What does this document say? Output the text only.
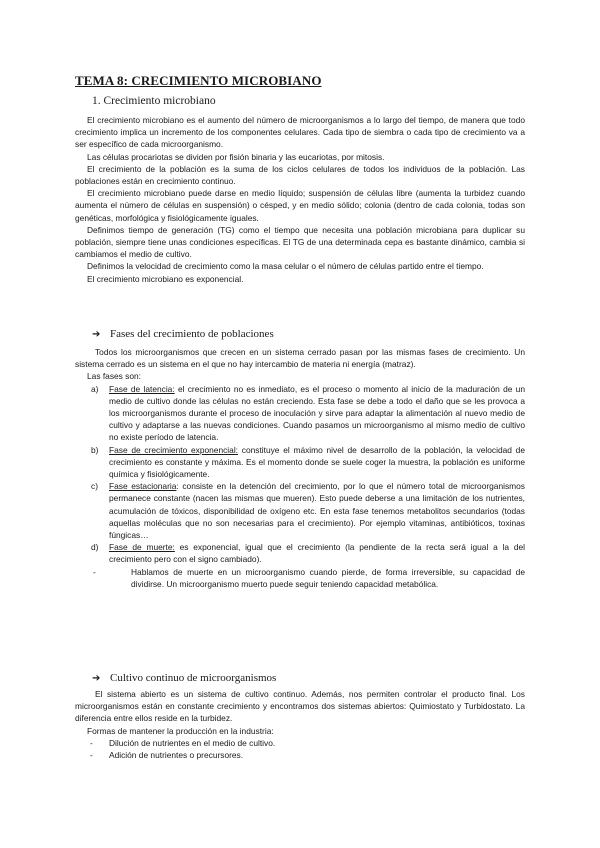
TEMA 8: CRECIMIENTO MICROBIANO
1. Crecimiento microbiano

El crecimiento microbiano es el aumento del número de microorganismos a lo largo del tiempo, de manera que todo crecimiento implica un incremento de los componentes celulares. Cada tipo de siembra o cada tipo de crecimiento va a ser específico de cada microorganismo.

Las células procariotas se dividen por fisión binaria y las eucariotas, por mitosis.

El crecimiento de la población es la suma de los ciclos celulares de todos los individuos de la población. Las poblaciones están en crecimiento continuo.

El crecimiento microbiano puede darse en medio líquido; suspensión de células libre (aumenta la turbidez cuando aumenta el número de células en suspensión) o césped, y en medio sólido; colonia (dentro de cada colonia, todas son genéticas, morfológica y fisiológicamente iguales.

Definimos tiempo de generación (TG) como el tiempo que necesita una población microbiana para duplicar su población, siempre tiene unas condiciones específicas. El TG de una determinada cepa es bastante dinámico, cambia si cambiamos el medio de cultivo.

Definimos la velocidad de crecimiento como la masa celular o el número de células partido entre el tiempo.

El crecimiento microbiano es exponencial.

➔ Fases del crecimiento de poblaciones

Todos los microorganismos que crecen en un sistema cerrado pasan por las mismas fases de crecimiento. Un sistema cerrado es un sistema en el que no hay intercambio de materia ni energía (matraz).

Las fases son:

a) Fase de latencia: el crecimiento no es inmediato, es el proceso o momento al inicio de la maduración de un medio de cultivo donde las células no están creciendo. Esta fase se debe a todo el daño que se les provoca a los microorganismos durante el proceso de inoculación y sirve para adaptar la alimentación al nuevo medio de cultivo y adaptarse a las nuevas condiciones. Cuando pasamos un microorganismo al mismo medio de cultivo no existe período de latencia.
b) Fase de crecimiento exponencial: constituye el máximo nivel de desarrollo de la población, la velocidad de crecimiento es constante y máxima. Es el momento donde se suele coger la muestra, la población es uniforme química y fisiológicamente.
c) Fase estacionaria: consiste en la detención del crecimiento, por lo que el número total de microorganismos permanece constante (nacen las mismas que mueren). Esto puede deberse a una limitación de los nutrientes, acumulación de tóxicos, disponibilidad de oxígeno etc. En esta fase tenemos metabolitos secundarios (todas aquellas moléculas que no son necesarias para el crecimiento). Por ejemplo vitaminas, antibióticos, toxinas fúngicas…
d) Fase de muerte: es exponencial, igual que el crecimiento (la pendiente de la recta será igual a la del crecimiento pero con el signo cambiado).
-	Hablamos de muerte en un microorganismo cuando pierde, de forma irreversible, su capacidad de dividirse. Un microorganismo muerto puede seguir teniendo capacidad metabólica.
➔ Cultivo continuo de microorganismos

El sistema abierto es un sistema de cultivo continuo. Además, nos permiten controlar el producto final. Los microorganismos están en constante crecimiento y encontramos dos sistemas abiertos: Quimiostato y Turbidostato. La diferencia entre ellos reside en la turbidez.

Formas de mantener la producción en la industria:

- Dilución de nutrientes en el medio de cultivo.
- Adición de nutrientes o precursores.
